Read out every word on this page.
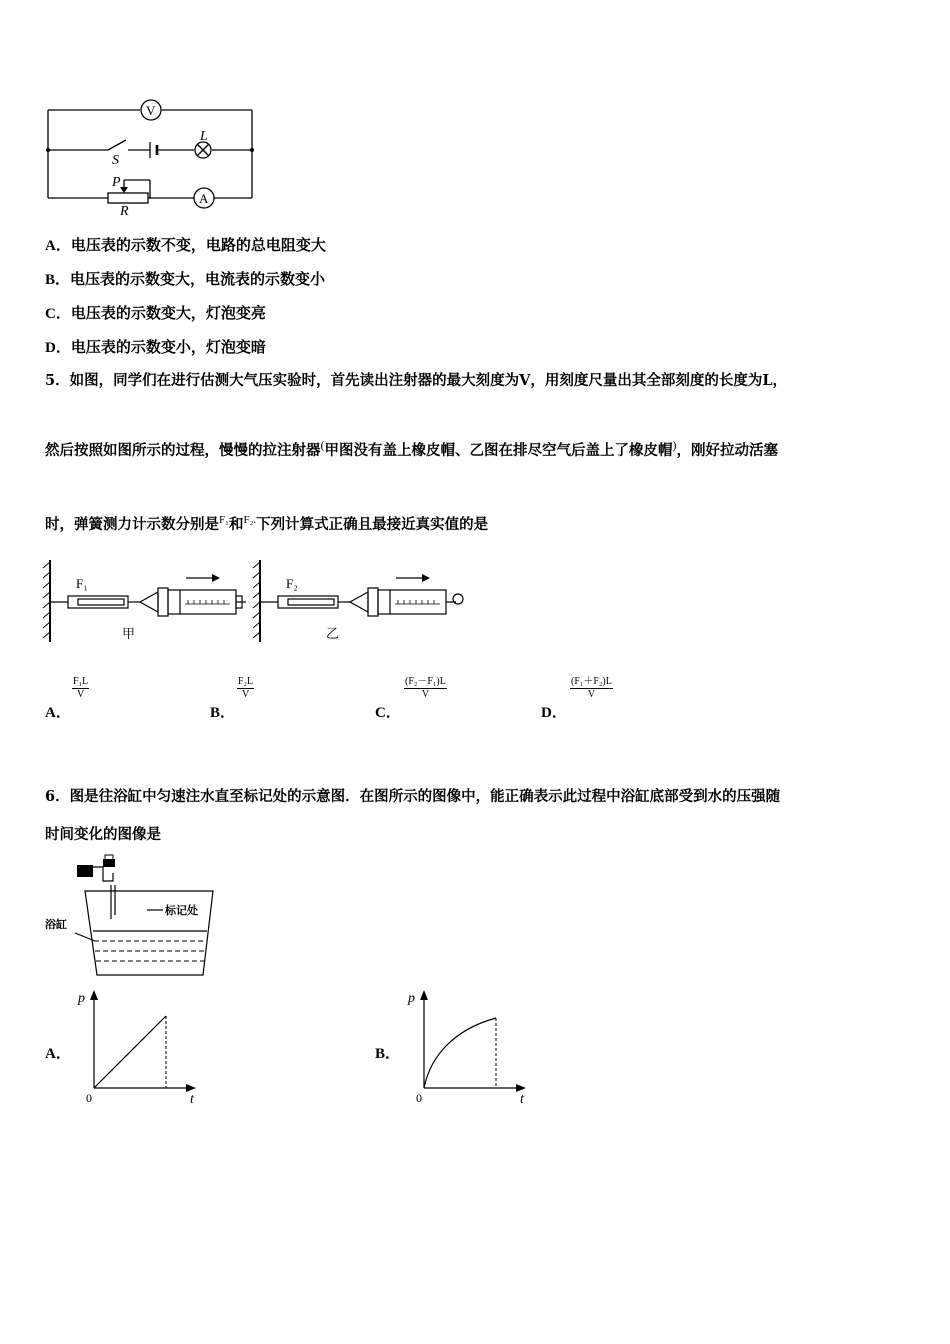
V
A
L
S
P
R
A．电压表的示数不变，电路的总电阻变大
B．电压表的示数变大，电流表的示数变小
C．电压表的示数变大，灯泡变亮
D．电压表的示数变小，灯泡变暗
5．如图，同学们在进行估测大气压实验时，首先读出注射器的最大刻度为V，用刻度尺量出其全部刻度的长度为L，
然后按照如图所示的过程，慢慢的拉注射器(甲图没有盖上橡皮帽、乙图在排尽空气后盖上了橡皮帽)，刚好拉动活塞
时，弹簧测力计示数分别是$^{F_1}$和$^{F_2.}$下列计算式正确且最接近真实值的是
F₁	F₂
甲	乙
A．
$\frac{\text{F₁L}}{V}$
B．
$\frac{\text{F₂L}}{V}$
C．
$\frac{\text{(F₂－F₁)L}}{V}$
D．
$\frac{\text{(F₁＋F₂)L}}{V}$
6．图是往浴缸中匀速注水直至标记处的示意图．在图所示的图像中，能正确表示此过程中浴缸底部受到水的压强随
时间变化的图像是
浴缸
标记处
A．
p
t
0
B．
p
t
0
